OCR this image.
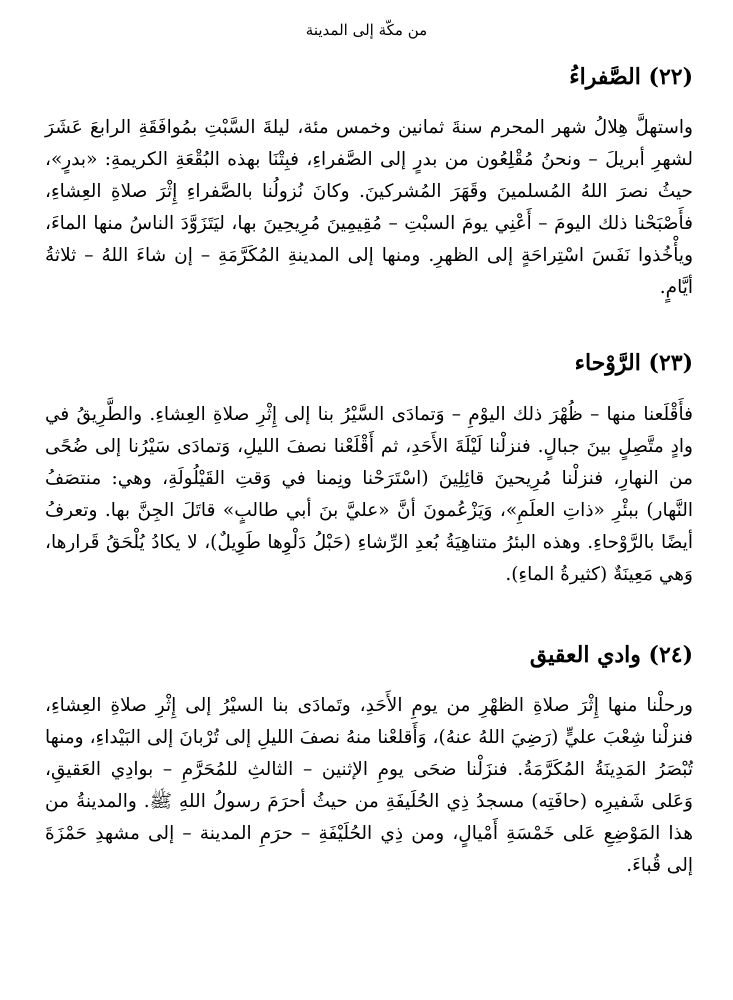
من مكّة إلى المدينة
(٢٢) الصَّفراءُ

واستهلَّ هِلالُ شهر المحرم سنةَ ثمانين وخمس مئة، ليلةَ السَّبْتِ بمُوافَقَةِ الرابعَ عَشَرَ لشهرِ أبريلَ – ونحنُ مُقْلِعُون من بدرٍ إلى الصَّفراءِ، فبِتْنَا بهذه البُقْعَةِ الكريمةِ: «بدرٍ»، حيثُ نصرَ اللهُ المُسلمينَ وقَهَرَ المُشركينَ. وكانَ نُزولُنا بالصَّفراءِ إِثْرَ صلاةِ العِشاءِ، فأَصْبَحْنا ذلك اليومَ – أَعْنِي يومَ السبْتِ – مُقِيمِينَ مُرِيحِينَ بها، ليَتَزَوَّدَ الناسُ منها الماءَ، ويأْخُذوا نَفَسَ اسْتِراحَةٍ إلى الظهرِ. ومنها إلى المدينةِ المُكَرَّمَةِ – إن شاءَ اللهُ – ثلاثةُ أيَّامٍ.

(٢٣) الرَّوْحاء

فأَقْلَعنا منها – ظُهْرَ ذلك اليوْمِ – وَتمادَى السَّيْرُ بنا إلى إِثْرِ صلاةِ العِشاءِ. والطَّرِيقُ في وادٍ متَّصِلٍ بينَ جبالٍ. فنزلْنا لَيْلَةَ الأَحَدِ، ثم أَقْلَعْنا نصفَ الليلِ، وَتمادَى سَيْرُنا إلى ضُحًى من النهارِ، فنزلْنا مُرِيحينَ قائِلِينَ (اسْتَرَحْنا ونِمنا في وَقتِ القَيْلُولَةِ، وهي: منتصَفُ النَّهار) ببئْرِ «ذاتِ العلَمِ»، وَيَزْعُمونَ أنَّ «عليَّ بنَ أبي طالبٍ» قاتَلَ الجِنَّ بها. وتعرفُ أيضًا بالرَّوْحاءِ. وهذه البئرُ متناهِيَةُ بُعدِ الرِّشاءِ (حَبْلُ دَلْوِها طَوِيلٌ)، لا يكادُ يُلْحَقُ قَرارها، وَهي مَعِينَةٌ (كثيرةُ الماءِ).

(٢٤) وادي العقيق

ورحلْنا منها إِثْرَ صلاةِ الظهْرِ من يومِ الأَحَدِ، وتَمادَى بنا السيْرُ إلى إِثْرِ صلاةِ العِشاءِ، فنزلْنا شِعْبَ عليٍّ (رَضِيَ اللهُ عنهُ)، وَأَقلعْنا منهُ نصفَ الليلِ إلى تُرْبانَ إلى البَيْداءِ، ومنها تُبْصَرُ المَدِينَةُ المُكَرَّمَةُ. فنزَلْنا ضحَى يومِ الإثنين – الثالثِ للمُحَرَّمِ – بوادِي العَقيقِ، وَعَلى شَفيرِه (حافَتِه) مسجدُ ذِي الحُلَيفَةِ من حيثُ أحرَمَ رسولُ اللهِ ﷺ. والمدينةُ من هذا المَوْضِعِ عَلى خَمْسَةِ أَمْيالٍ، ومن ذِي الحُلَيْفَةِ – حرَمِ المدينة – إلى مشهدِ حَمْزَةَ إلى قُباءَ.
